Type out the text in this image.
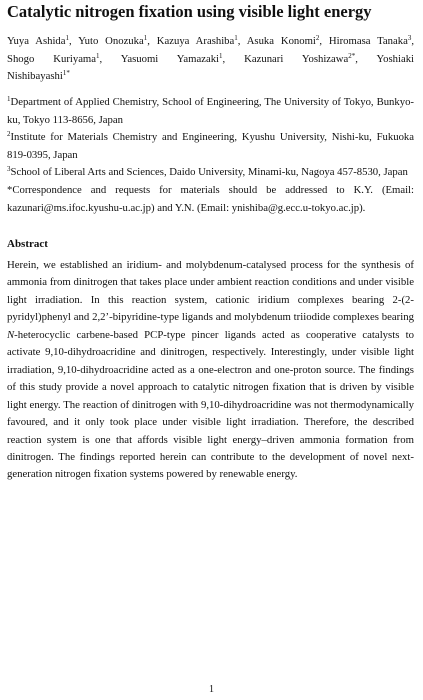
Catalytic nitrogen fixation using visible light energy
Yuya Ashida$^1$, Yuto Onozuka$^1$, Kazuya Arashiba$^1$, Asuka Konomi$^2$, Hiromasa Tanaka$^3$,
Shogo Kuriyama$^1$, Yasuomi Yamazaki$^1$, Kazunari Yoshizawa$^{2*}$, Yoshiaki
Nishibayashi$^{1*}$
$^1$Department of Applied Chemistry, School of Engineering, The University of Tokyo, Bunkyo-ku, Tokyo 113-8656, Japan
$^2$Institute for Materials Chemistry and Engineering, Kyushu University, Nishi-ku, Fukuoka 819-0395, Japan
$^3$School of Liberal Arts and Sciences, Daido University, Minami-ku, Nagoya 457-8530, Japan
*Correspondence and requests for materials should be addressed to K.Y. (Email: kazunari@ms.ifoc.kyushu-u.ac.jp) and Y.N. (Email: ynishiba@g.ecc.u-tokyo.ac.jp).
Abstract

Herein, we established an iridium- and molybdenum-catalysed process for the synthesis of ammonia from dinitrogen that takes place under ambient reaction conditions and under visible light irradiation. In this reaction system, cationic iridium complexes bearing 2-(2-pyridyl)phenyl and 2,2’-bipyridine-type ligands and molybdenum triiodide complexes bearing N-heterocyclic carbene-based PCP-type pincer ligands acted as cooperative catalysts to activate 9,10-dihydroacridine and dinitrogen, respectively. Interestingly, under visible light irradiation, 9,10-dihydroacridine acted as a one-electron and one-proton source. The findings of this study provide a novel approach to catalytic nitrogen fixation that is driven by visible light energy. The reaction of dinitrogen with 9,10-dihydroacridine was not thermodynamically favoured, and it only took place under visible light irradiation. Therefore, the described reaction system is one that affords visible light energy–driven ammonia formation from dinitrogen. The findings reported herein can contribute to the development of novel next-generation nitrogen fixation systems powered by renewable energy.

1
